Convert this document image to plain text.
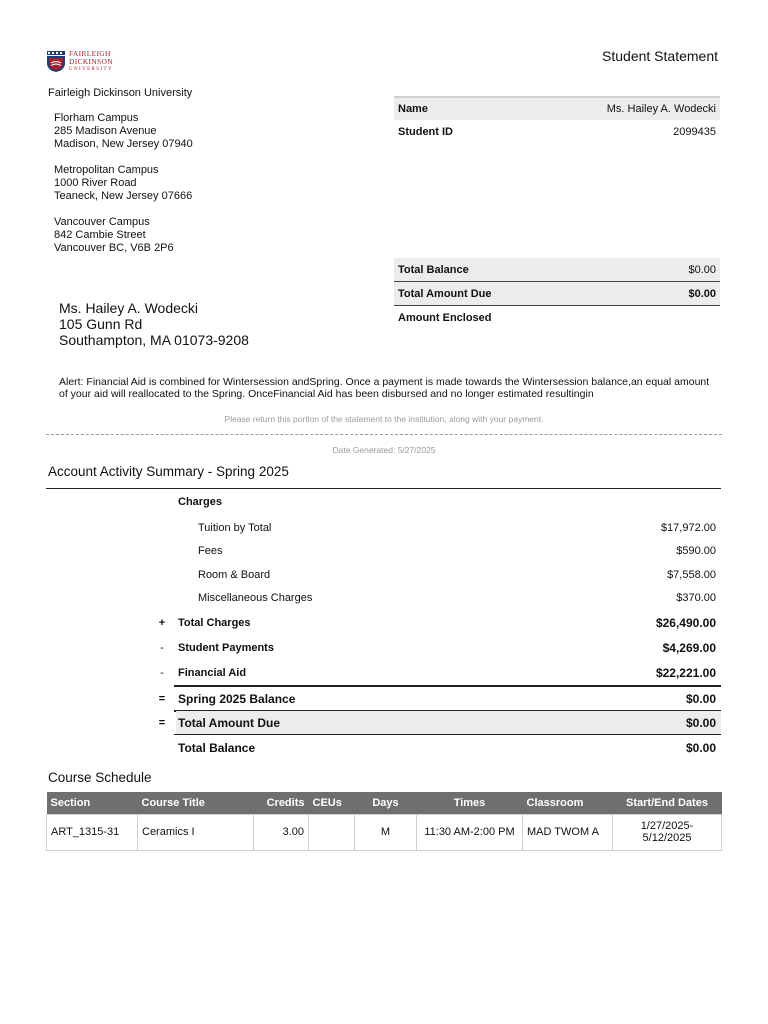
FAIRLEIGH
DICKINSON
UNIVERSITY
Student Statement
Fairleigh Dickinson University
Florham Campus
285 Madison Avenue
Madison, New Jersey 07940
Metropolitan Campus
1000 River Road
Teaneck, New Jersey 07666
Vancouver Campus
842 Cambie Street
Vancouver BC, V6B 2P6
Name	Ms. Hailey A. Wodecki
Student ID	2099435
Total Balance	$0.00
Total Amount Due	$0.00
Amount Enclosed
Ms. Hailey A. Wodecki
105 Gunn Rd
Southampton, MA 01073-9208
Alert: Financial Aid is combined for Wintersession andSpring. Once a payment is made towards the Wintersession balance,an equal amount of your aid will reallocated to the Spring. OnceFinancial Aid has been disbursed and no longer estimated resultingin
Please return this portion of the statement to the institution, along with your payment.
Date Generated: 5/27/2025
Account Activity Summary - Spring 2025
Charges
Tuition by Total	$17,972.00
Fees	$590.00
Room & Board	$7,558.00
Miscellaneous Charges	$370.00
+	Total Charges	$26,490.00
-	Student Payments	$4,269.00
-	Financial Aid	$22,221.00
=	Spring 2025 Balance	$0.00
=	Total Amount Due	$0.00
Total Balance	$0.00
Course Schedule
Section	Course Title	Credits	CEUs	Days	Times	Classroom	Start/End Dates
ART_1315-31	Ceramics I	3.00		M	11:30 AM-2:00 PM	MAD TWOM A	1/27/2025-
5/12/2025
